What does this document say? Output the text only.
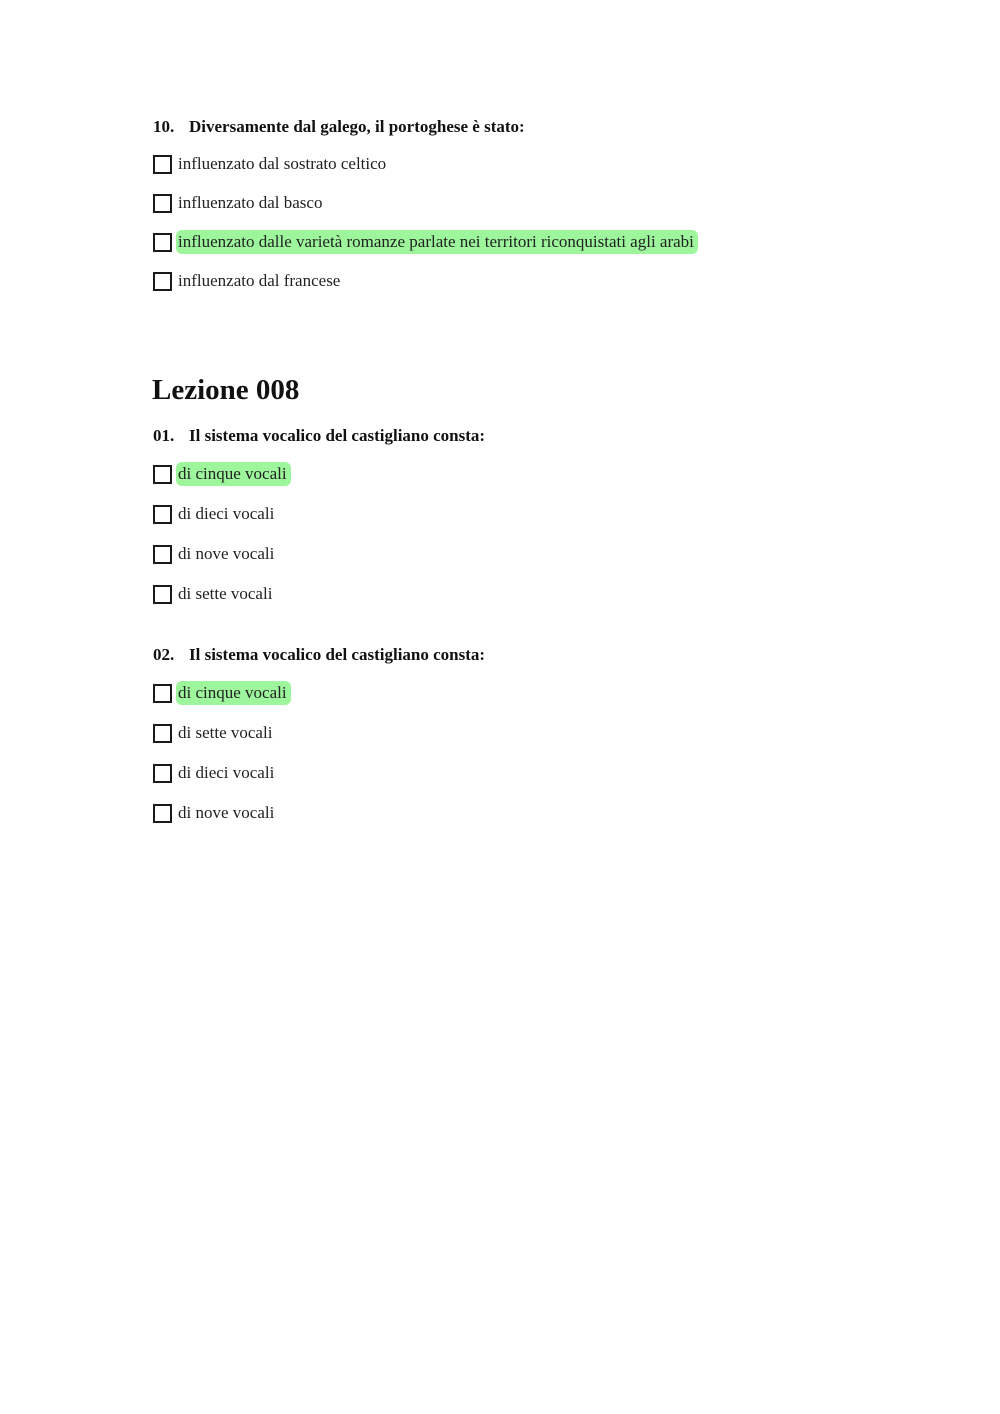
10. Diversamente dal galego, il portoghese è stato:
influenzato dal sostrato celtico
influenzato dal basco
influenzato dalle varietà romanze parlate nei territori riconquistati agli arabi
influenzato dal francese
Lezione 008
01. Il sistema vocalico del castigliano consta:
di cinque vocali
di dieci vocali
di nove vocali
di sette vocali
02. Il sistema vocalico del castigliano consta:
di cinque vocali
di sette vocali
di dieci vocali
di nove vocali
